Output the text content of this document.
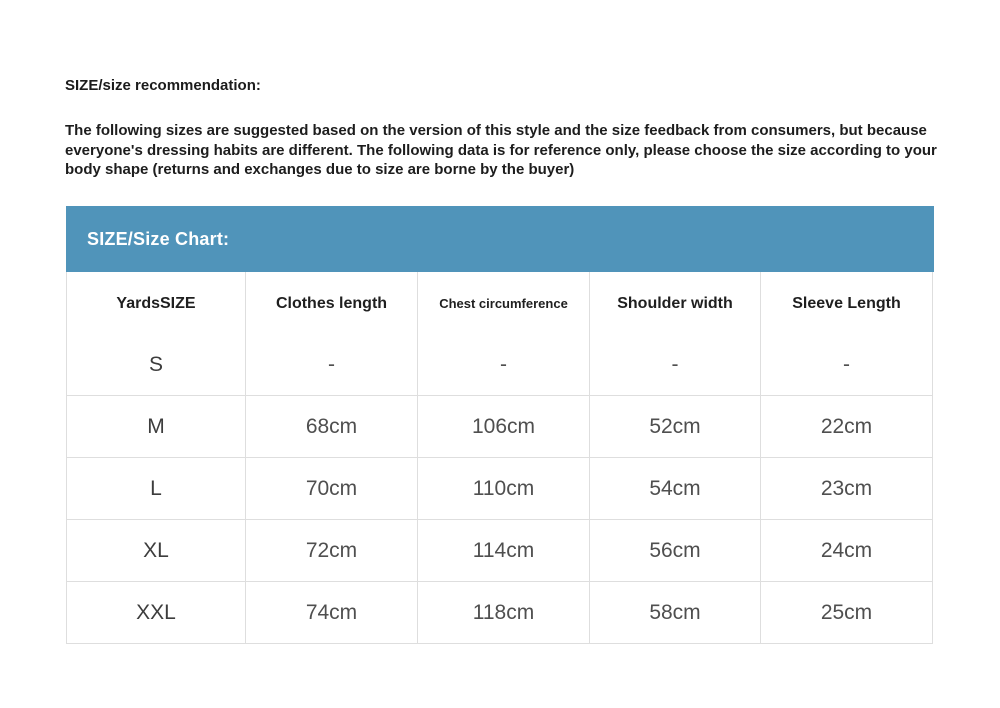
SIZE/size recommendation:
The following sizes are suggested based on the version of this style and the size feedback from consumers, but because everyone's dressing habits are different. The following data is for reference only, please choose the size according to your body shape (returns and exchanges due to size are borne by the buyer)
SIZE/Size Chart:
YardsSIZE	Clothes length	Chest circumference	Shoulder width	Sleeve Length
S	-	-	-	-
M	68cm	106cm	52cm	22cm
L	70cm	110cm	54cm	23cm
XL	72cm	114cm	56cm	24cm
XXL	74cm	118cm	58cm	25cm
